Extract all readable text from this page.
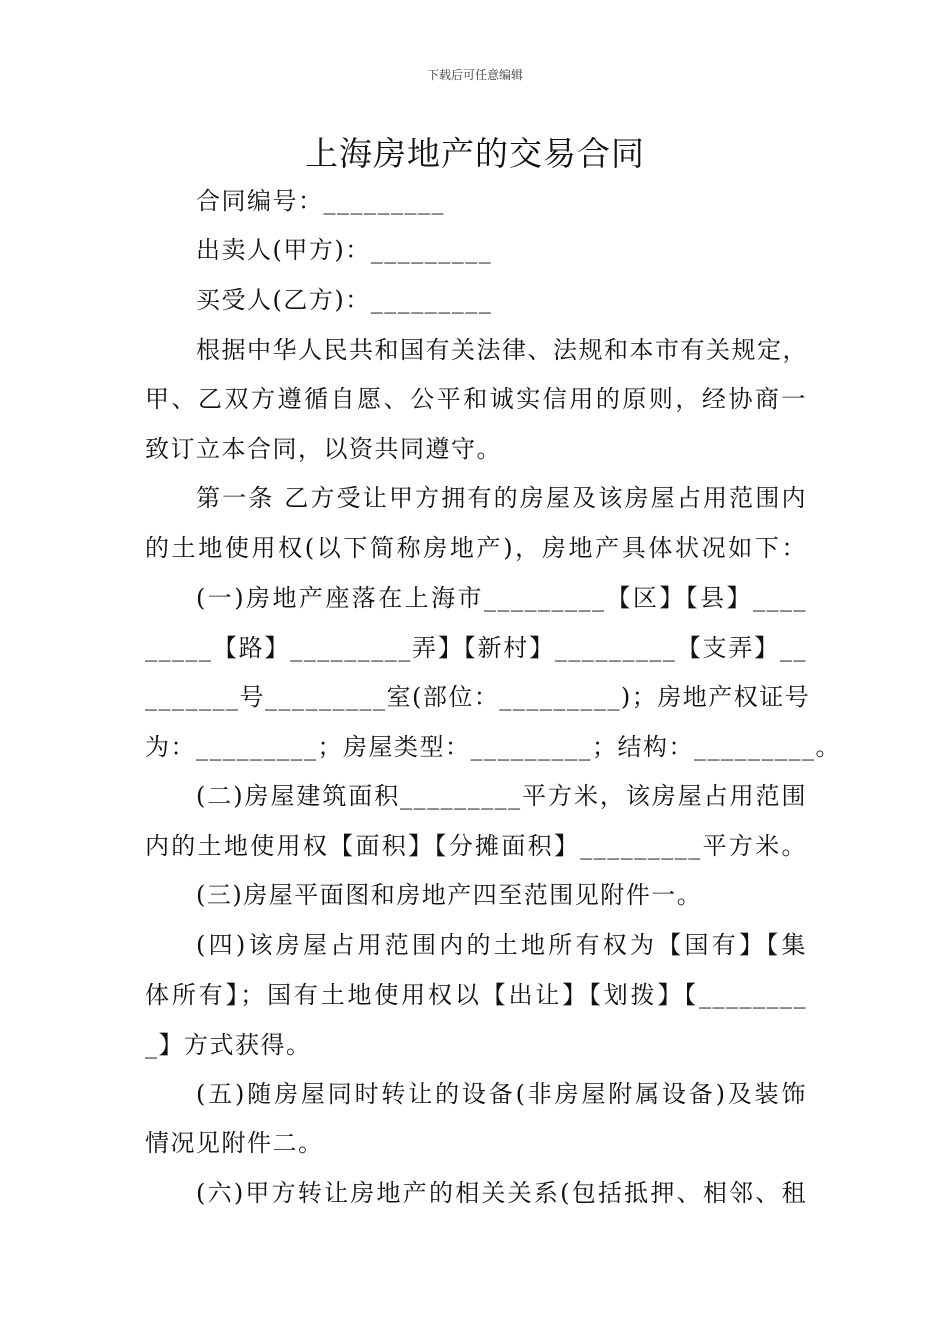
下载后可任意编辑
上海房地产的交易合同
合同编号：_________
出卖人(甲方)：_________
买受人(乙方)：_________
根据中华人民共和国有关法律、法规和本市有关规定，
甲、乙双方遵循自愿、公平和诚实信用的原则，经协商一
致订立本合同，以资共同遵守。
第一条 乙方受让甲方拥有的房屋及该房屋占用范围内
的土地使用权(以下简称房地产)，房地产具体状况如下：
(一)房地产座落在上海市_________【区】【县】____
_____【路】_________弄】【新村】_________【支弄】__
_______号_________室(部位：_________)；房地产权证号
为：_________；房屋类型：_________；结构：_________。
(二)房屋建筑面积_________平方米，该房屋占用范围
内的土地使用权【面积】【分摊面积】_________平方米。
(三)房屋平面图和房地产四至范围见附件一。
(四)该房屋占用范围内的土地所有权为【国有】【集
体所有】；国有土地使用权以【出让】【划拨】【________
_】方式获得。
(五)随房屋同时转让的设备(非房屋附属设备)及装饰
情况见附件二。
(六)甲方转让房地产的相关关系(包括抵押、相邻、租
